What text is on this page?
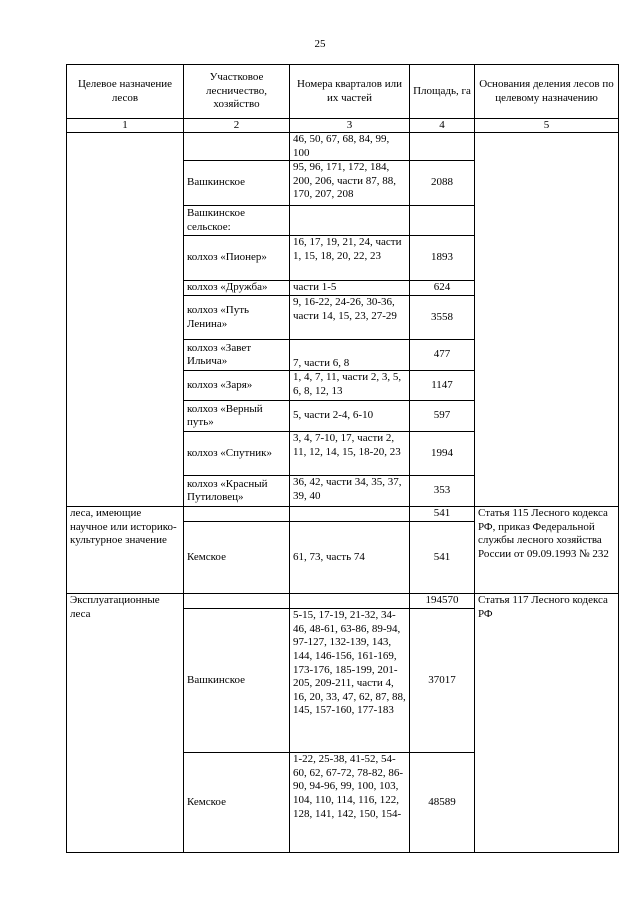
25
Целевое назначение лесов	Участковое лесничество, хозяйство	Номера кварталов или их частей	Площадь, га	Основания деления лесов по целевому назначению
1	2	3	4	5
		46, 50, 67, 68, 84, 99, 100		
	Вашкинское	95, 96, 171, 172, 184, 200, 206, части 87, 88, 170, 207, 208	2088	
	Вашкинское сельское:			
	колхоз «Пионер»	16, 17, 19, 21, 24, части 1, 15, 18, 20, 22, 23	1893	
	колхоз «Дружба»	части 1-5	624	
	колхоз «Путь Ленина»	9, 16-22, 24-26, 30-36, части 14, 15, 23, 27-29	3558	
	колхоз «Завет Ильича»	7, части 6, 8	477	
	колхоз «Заря»	1, 4, 7, 11, части 2, 3, 5, 6, 8, 12, 13	1147	
	колхоз «Верный путь»	5, части 2-4, 6-10	597	
	колхоз «Спутник»	3, 4, 7-10, 17, части 2, 11, 12, 14, 15, 18-20, 23	1994	
	колхоз «Красный Путиловец»	36, 42, части 34, 35, 37, 39, 40	353	
леса, имеющие научное или историко-культурное значение			541	Статья 115 Лесного кодекса РФ, приказ Федеральной службы лесного хозяйства России от 09.09.1993 № 232
	Кемское	61, 73, часть 74	541	
Эксплуатационные леса			194570	Статья 117 Лесного кодекса РФ
	Вашкинское	5-15, 17-19, 21-32, 34-46, 48-61, 63-86, 89-94, 97-127, 132-139, 143, 144, 146-156, 161-169, 173-176, 185-199, 201-205, 209-211, части 4, 16, 20, 33, 47, 62, 87, 88, 145, 157-160, 177-183	37017	
	Кемское	1-22, 25-38, 41-52, 54-60, 62, 67-72, 78-82, 86-90, 94-96, 99, 100, 103, 104, 110, 114, 116, 122, 128, 141, 142, 150, 154-	48589	
